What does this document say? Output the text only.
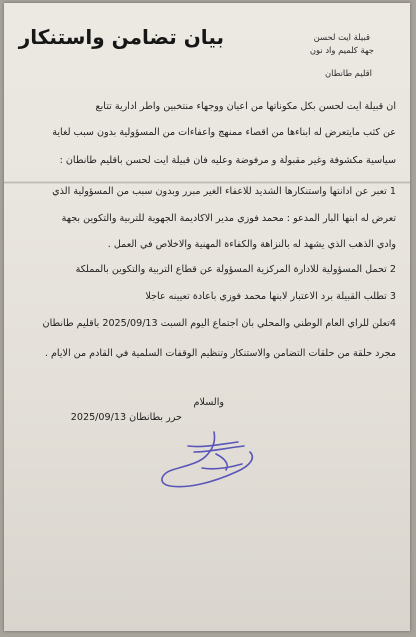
قبيلة ايت لحسن
جهة كلميم واد نون
اقليم طانطان
بيان تضامن واستنكار
ان قبيلة ايت لحسن بكل مكوناتها من اعيان ووجهاء منتخبين واطر ادارية تتابع
عن كثب مايتعرض له ابناءها من اقصاء ممنهج واعفاءات من المسؤولية بدون سبب لغاية
سياسية مكشوفة وغير مقبولة و مرفوضة وعليه فان قبيلة ايت لحسن باقليم طانطان :
1 تعبر عن ادانتها واستنكارها الشديد للاعفاء الغير مبرر وبدون سبب من المسؤولية الذي
تعرض له ابنها البار المدعو : محمد فوزي مدير الاكاديمة الجهوية للتربية والتكوين بجهة
وادي الذهب الذي يشهد له بالنزاهة والكفاءة المهنية والاخلاص في العمل .
2 تحمل المسؤولية للادارة المركزية المسؤولة عن قطاع التربية والتكوين بالمملكة
3 تطلب القبيلة برد الاعتبار لابنها محمد فوزي باعادة تعيينه عاجلا
4تعلن للراي العام الوطني والمحلي بان اجتماع اليوم السبت 2025/09/13 باقليم طانطان
مجرد حلقة من حلقات التضامن والاستنكار وتنظيم الوقفات السلمية في القادم من الايام .
والسلام
حرر بطانطان 2025/09/13
